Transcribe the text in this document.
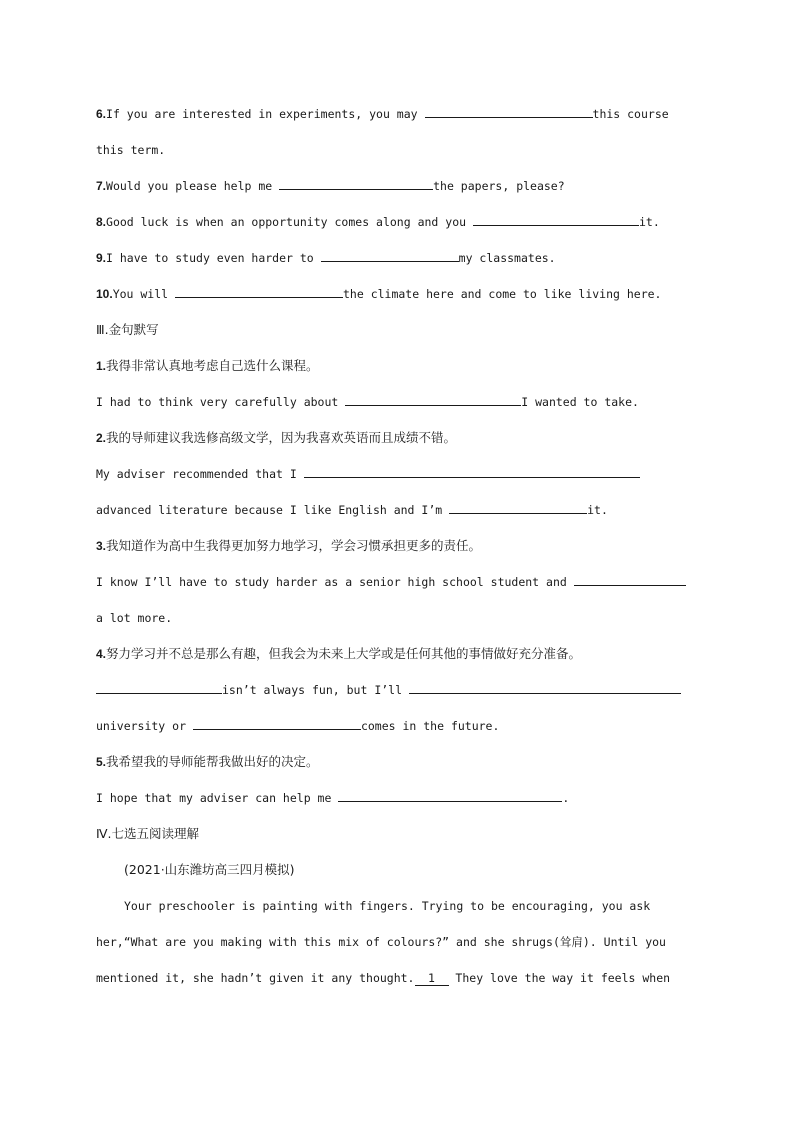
6.If you are interested in experiments, you may	this course
this term.
7.Would you please help me	the papers, please?
8.Good luck is when an opportunity comes along and you	it.
9.I have to study even harder to	my classmates.
10.You will	the climate here and come to like living here.
Ⅲ.金句默写
1.我得非常认真地考虑自己选什么课程。
I had to think very carefully about	I wanted to take.
2.我的导师建议我选修高级文学，因为我喜欢英语而且成绩不错。
My adviser recommended that I
advanced literature because I like English and I’m	it.
3.我知道作为高中生我得更加努力地学习，学会习惯承担更多的责任。
I know I’ll have to study harder as a senior high school student and
a lot more.
4.努力学习并不总是那么有趣，但我会为未来上大学或是任何其他的事情做好充分准备。
isn’t always fun, but I’ll
university or	comes in the future.
5.我希望我的导师能帮我做出好的决定。
I hope that my adviser can help me	.
Ⅳ.七选五阅读理解
(2021·山东潍坊高三四月模拟)
Your preschooler is painting with fingers. Trying to be encouraging, you ask
her,“What are you making with this mix of colours?” and she shrugs(耸肩). Until you
mentioned it, she hadn’t given it any thought. 1 They love the way it feels when
